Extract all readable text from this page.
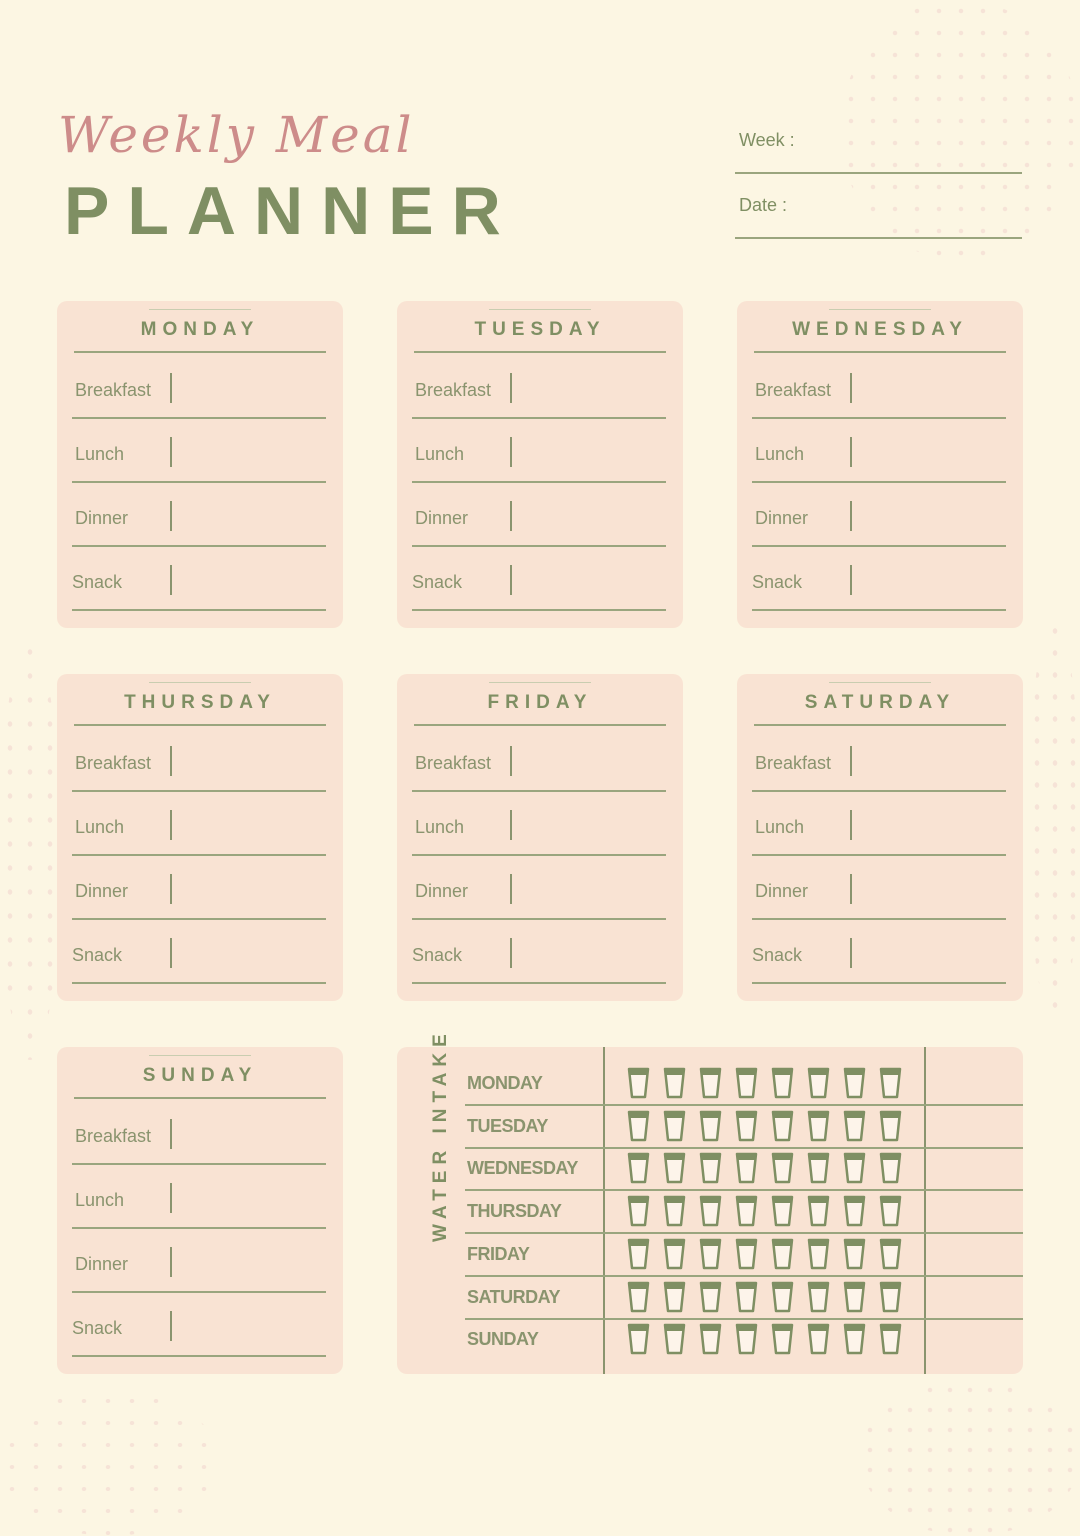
Weekly Meal
PLANNER
Week :
Date :
MONDAY
Breakfast
Lunch
Dinner
Snack
TUESDAY
Breakfast
Lunch
Dinner
Snack
WEDNESDAY
Breakfast
Lunch
Dinner
Snack
THURSDAY
Breakfast
Lunch
Dinner
Snack
FRIDAY
Breakfast
Lunch
Dinner
Snack
SATURDAY
Breakfast
Lunch
Dinner
Snack
SUNDAY
Breakfast
Lunch
Dinner
Snack
WATER INTAKE MONDAY
TUESDAY
WEDNESDAY
THURSDAY
FRIDAY
SATURDAY
SUNDAY
